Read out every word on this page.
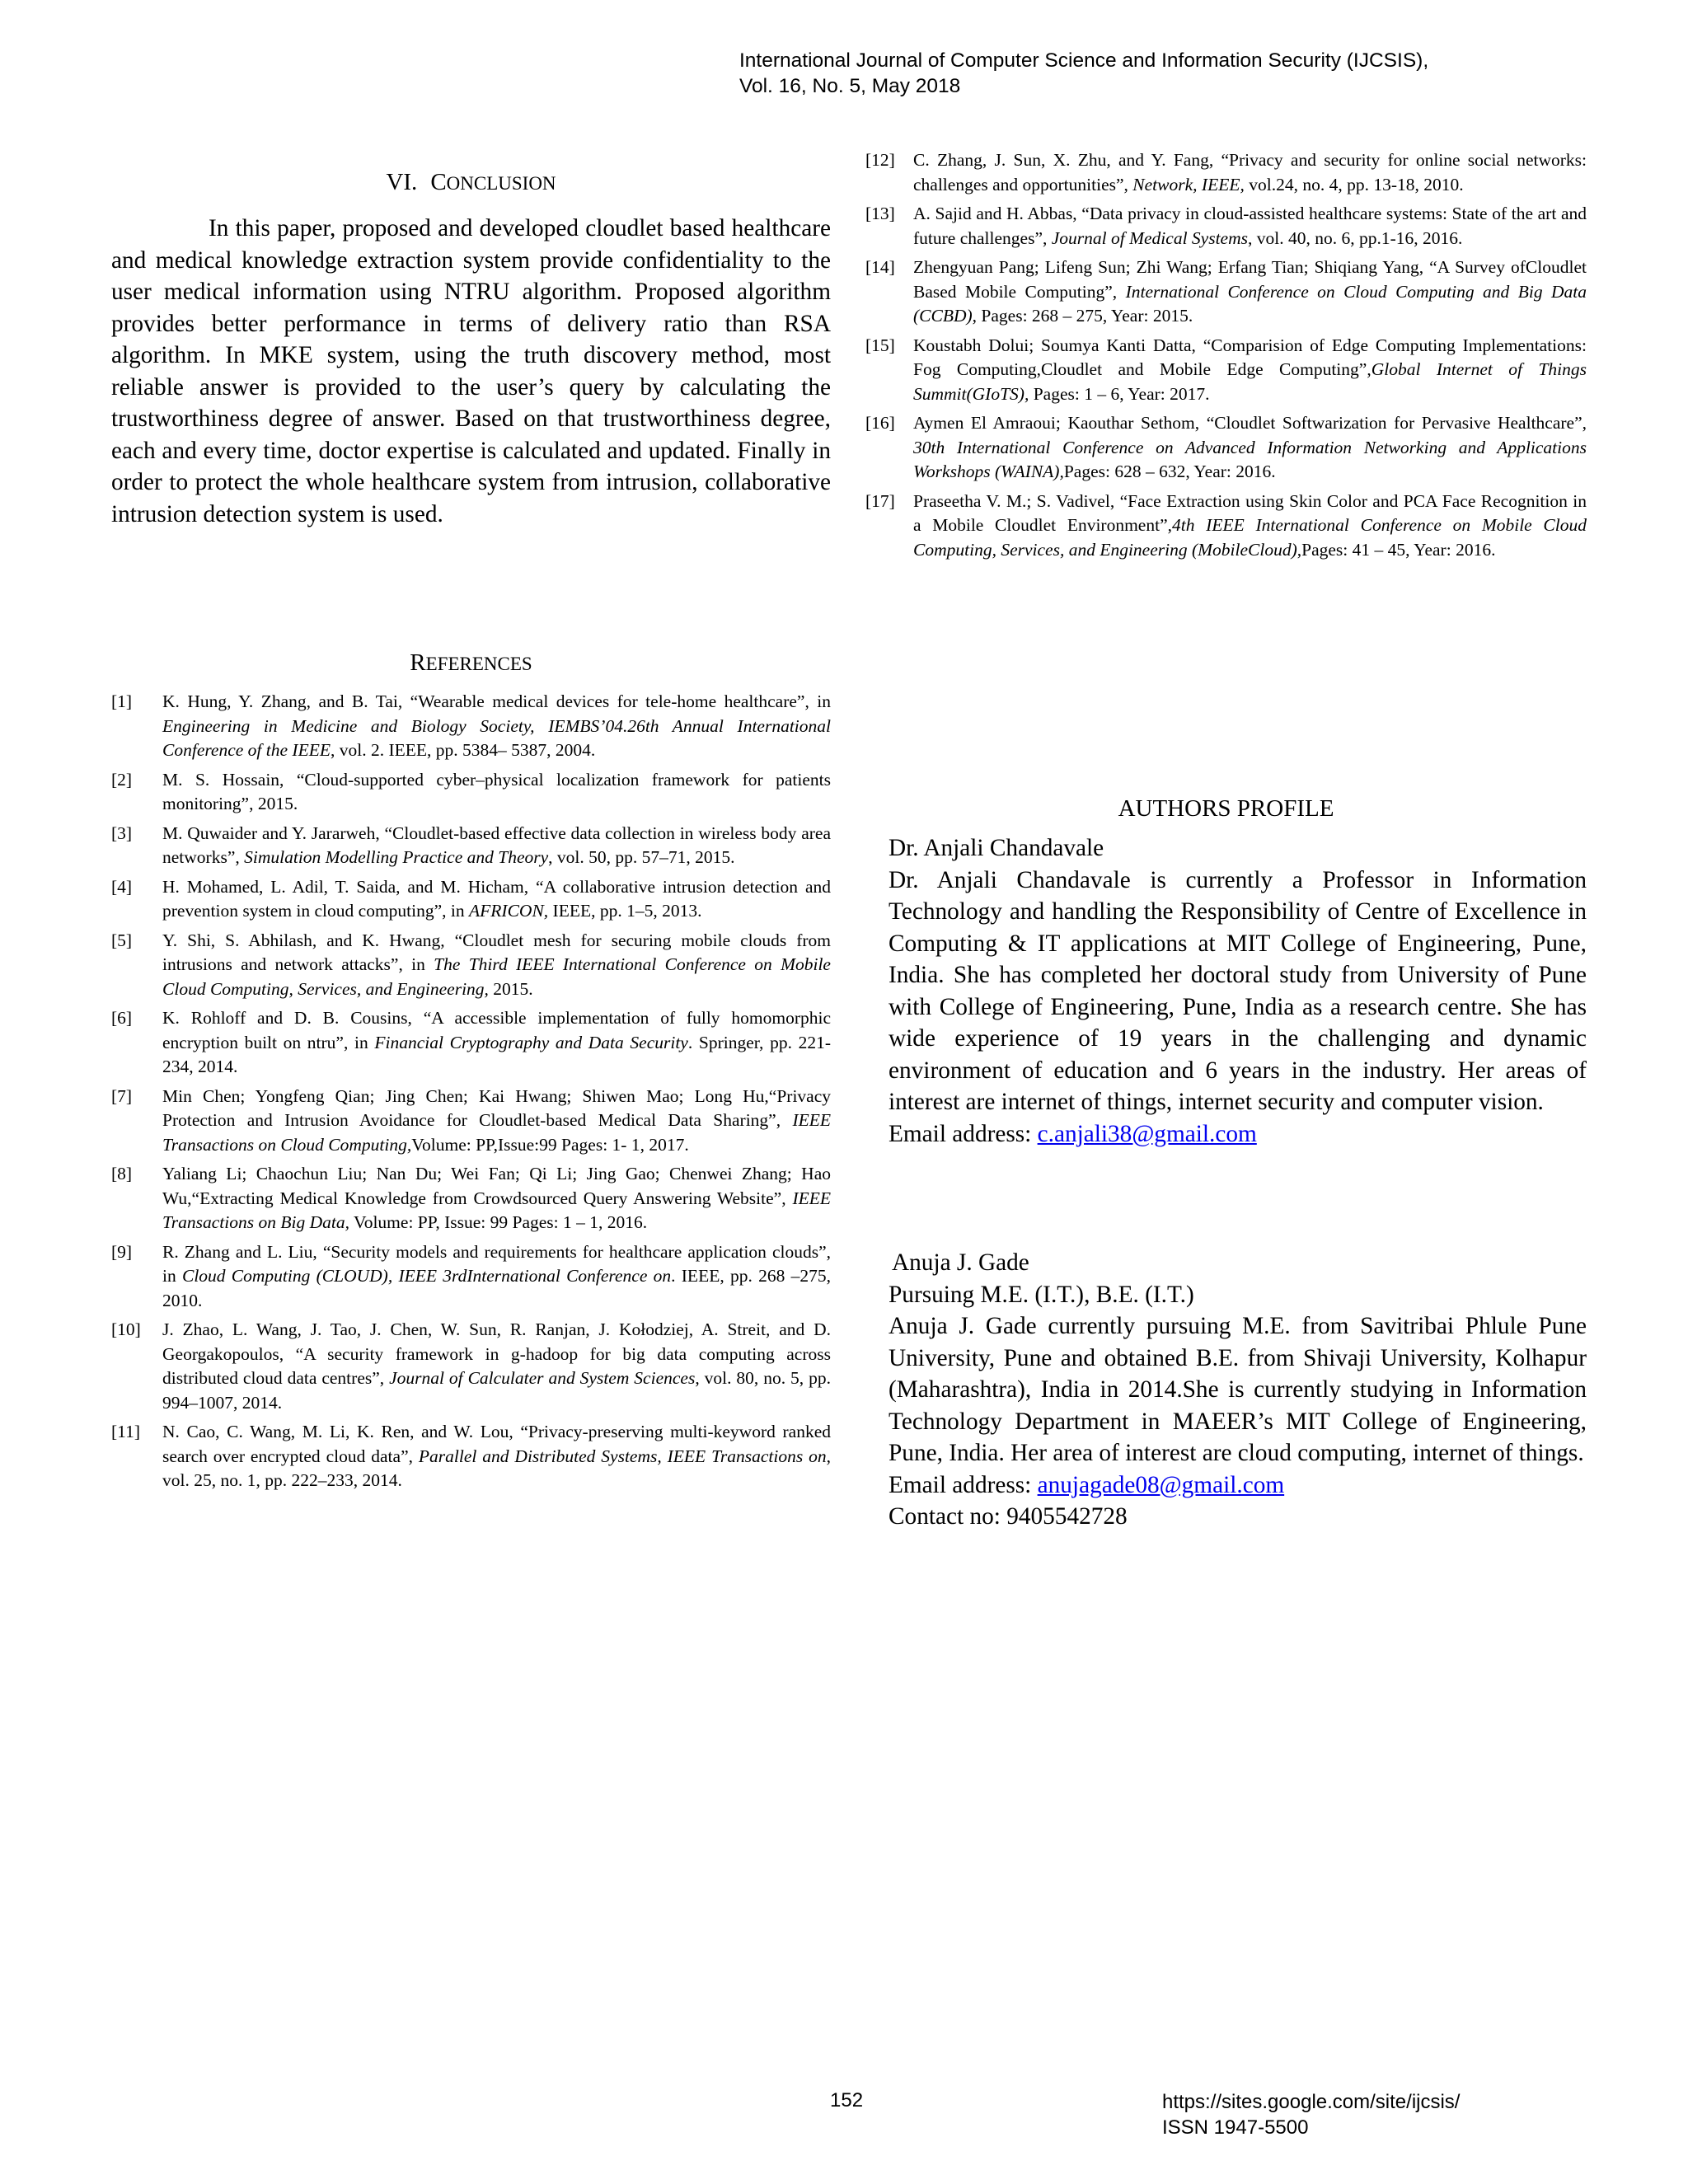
International Journal of Computer Science and Information Security (IJCSIS),
Vol. 16, No. 5, May 2018
VI. CONCLUSION

In this paper, proposed and developed cloudlet based healthcare and medical knowledge extraction system provide confidentiality to the user medical information using NTRU algorithm. Proposed algorithm provides better performance in terms of delivery ratio than RSA algorithm. In MKE system, using the truth discovery method, most reliable answer is provided to the user’s query by calculating the trustworthiness degree of answer. Based on that trustworthiness degree, each and every time, doctor expertise is calculated and updated. Finally in order to protect the whole healthcare system from intrusion, collaborative intrusion detection system is used.

REFERENCES
[1] K. Hung, Y. Zhang, and B. Tai, “Wearable medical devices for tele-home healthcare”, in Engineering in Medicine and Biology Society, IEMBS’04.26th Annual International Conference of the IEEE, vol. 2. IEEE, pp. 5384– 5387, 2004.
[2] M. S. Hossain, “Cloud-supported cyber–physical localization framework for patients monitoring”, 2015.
[3] M. Quwaider and Y. Jararweh, “Cloudlet-based effective data collection in wireless body area networks”, Simulation Modelling Practice and Theory, vol. 50, pp. 57–71, 2015.
[4] H. Mohamed, L. Adil, T. Saida, and M. Hicham, “A collaborative intrusion detection and prevention system in cloud computing”, in AFRICON, IEEE, pp. 1–5, 2013.
[5] Y. Shi, S. Abhilash, and K. Hwang, “Cloudlet mesh for securing mobile clouds from intrusions and network attacks”, in The Third IEEE International Conference on Mobile Cloud Computing, Services, and Engineering, 2015.
[6] K. Rohloff and D. B. Cousins, “A accessible implementation of fully homomorphic encryption built on ntru”, in Financial Cryptography and Data Security. Springer, pp. 221-234, 2014.
[7] Min Chen; Yongfeng Qian; Jing Chen; Kai Hwang; Shiwen Mao; Long Hu,“Privacy Protection and Intrusion Avoidance for Cloudlet-based Medical Data Sharing”, IEEE Transactions on Cloud Computing,Volume: PP,Issue:99 Pages: 1- 1, 2017.
[8] Yaliang Li; Chaochun Liu; Nan Du; Wei Fan; Qi Li; Jing Gao; Chenwei Zhang; Hao Wu,“Extracting Medical Knowledge from Crowdsourced Query Answering Website”, IEEE Transactions on Big Data, Volume: PP, Issue: 99 Pages: 1 – 1, 2016.
[9] R. Zhang and L. Liu, “Security models and requirements for healthcare application clouds”, in Cloud Computing (CLOUD), IEEE 3rdInternational Conference on. IEEE, pp. 268 –275, 2010.
[10] J. Zhao, L. Wang, J. Tao, J. Chen, W. Sun, R. Ranjan, J. Kołodziej, A. Streit, and D. Georgakopoulos, “A security framework in g-hadoop for big data computing across distributed cloud data centres”, Journal of Calculater and System Sciences, vol. 80, no. 5, pp. 994–1007, 2014.
[11] N. Cao, C. Wang, M. Li, K. Ren, and W. Lou, “Privacy-preserving multi-keyword ranked search over encrypted cloud data”, Parallel and Distributed Systems, IEEE Transactions on, vol. 25, no. 1, pp. 222–233, 2014.
[12] C. Zhang, J. Sun, X. Zhu, and Y. Fang, “Privacy and security for online social networks: challenges and opportunities”, Network, IEEE, vol.24, no. 4, pp. 13-18, 2010.
[13] A. Sajid and H. Abbas, “Data privacy in cloud-assisted healthcare systems: State of the art and future challenges”, Journal of Medical Systems, vol. 40, no. 6, pp.1-16, 2016.
[14] Zhengyuan Pang; Lifeng Sun; Zhi Wang; Erfang Tian; Shiqiang Yang, “A Survey ofCloudlet Based Mobile Computing”, International Conference on Cloud Computing and Big Data (CCBD), Pages: 268 – 275, Year: 2015.
[15] Koustabh Dolui; Soumya Kanti Datta, “Comparision of Edge Computing Implementations: Fog Computing,Cloudlet and Mobile Edge Computing”,Global Internet of Things Summit(GIoTS), Pages: 1 – 6, Year: 2017.
[16] Aymen El Amraoui; Kaouthar Sethom, “Cloudlet Softwarization for Pervasive Healthcare”, 30th International Conference on Advanced Information Networking and Applications Workshops (WAINA),Pages: 628 – 632, Year: 2016.
[17] Praseetha V. M.; S. Vadivel, “Face Extraction using Skin Color and PCA Face Recognition in a Mobile Cloudlet Environment”,4th IEEE International Conference on Mobile Cloud Computing, Services, and Engineering (MobileCloud),Pages: 41 – 45, Year: 2016.
AUTHORS PROFILE
Dr. Anjali Chandavale

Dr. Anjali Chandavale is currently a Professor in Information Technology and handling the Responsibility of Centre of Excellence in Computing & IT applications at MIT College of Engineering, Pune, India. She has completed her doctoral study from University of Pune with College of Engineering, Pune, India as a research centre. She has wide experience of 19 years in the challenging and dynamic environment of education and 6 years in the industry. Her areas of interest are internet of things, internet security and computer vision.

Email address: c.anjali38@gmail.com
Anuja J. Gade
Pursuing M.E. (I.T.), B.E. (I.T.)

Anuja J. Gade currently pursuing M.E. from Savitribai Phlule Pune University, Pune and obtained B.E. from Shivaji University, Kolhapur (Maharashtra), India in 2014.She is currently studying in Information Technology Department in MAEER’s MIT College of Engineering, Pune, India. Her area of interest are cloud computing, internet of things.

Email address: anujagade08@gmail.com
Contact no: 9405542728
152	https://sites.google.com/site/ijcsis/
ISSN 1947-5500
